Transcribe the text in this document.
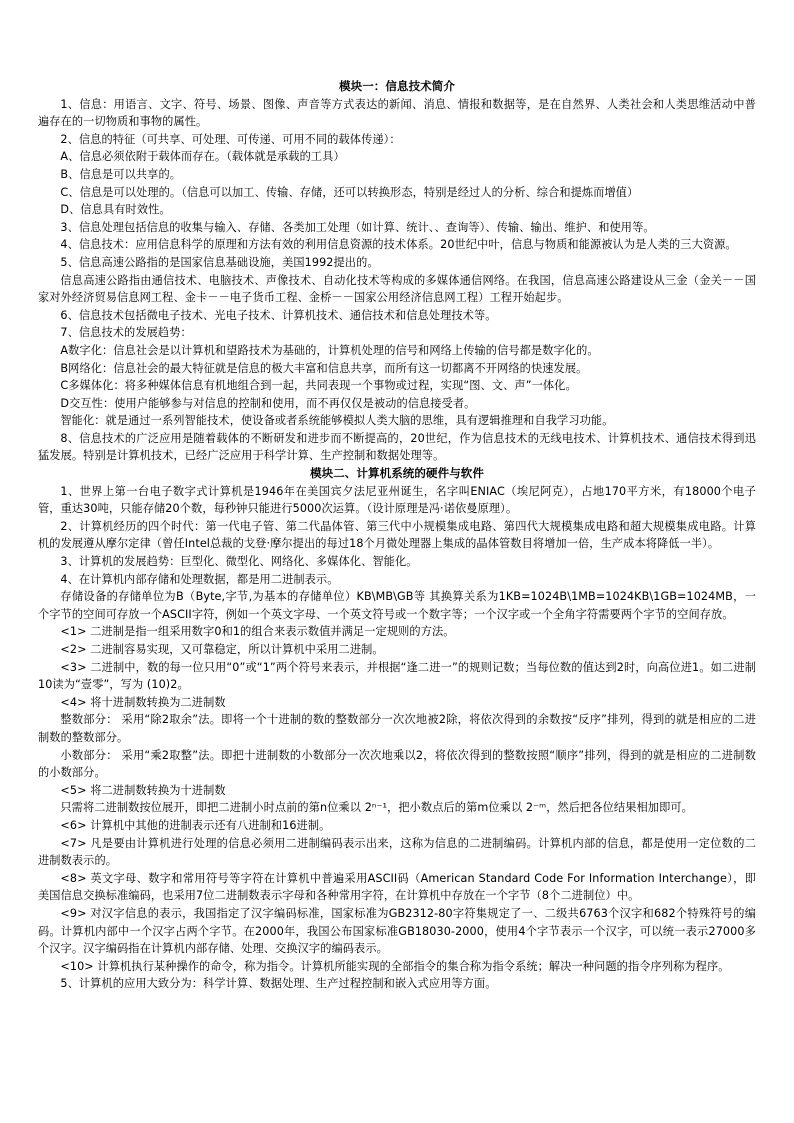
模块一：信息技术简介

1、信息：用语言、文字、符号、场景、图像、声音等方式表达的新闻、消息、情报和数据等，是在自然界、人类社会和人类思维活动中普遍存在的一切物质和事物的属性。

2、信息的特征（可共享、可处理、可传递、可用不同的载体传递）：

A、信息必须依附于载体而存在。（载体就是承载的工具）

B、信息是可以共享的。

C、信息是可以处理的。（信息可以加工、传输、存储，还可以转换形态，特别是经过人的分析、综合和提炼而增值）

D、信息具有时效性。

3、信息处理包括信息的收集与输入、存储、各类加工处理（如计算、统计、、查询等）、传输、输出、维护、和使用等。

4、信息技术：应用信息科学的原理和方法有效的利用信息资源的技术体系。20世纪中叶，信息与物质和能源被认为是人类的三大资源。

5、信息高速公路指的是国家信息基础设施，美国1992提出的。

信息高速公路指由通信技术、电脑技术、声像技术、自动化技术等构成的多媒体通信网络。在我国，信息高速公路建设从三金（金关－－国家对外经济贸易信息网工程、金卡－－电子货币工程、金桥－－国家公用经济信息网工程）工程开始起步。

6、信息技术包括微电子技术、光电子技术、计算机技术、通信技术和信息处理技术等。

7、信息技术的发展趋势：

A数字化：信息社会是以计算机和望路技术为基础的，计算机处理的信号和网络上传输的信号都是数字化的。

B网络化：信息社会的最大特征就是信息的极大丰富和信息共享，而所有这一切都离不开网络的快速发展。

C多媒体化：将多种媒体信息有机地组合到一起，共同表现一个事物或过程，实现“图、文、声”一体化。

D交互性：使用户能够参与对信息的控制和使用，而不再仅仅是被动的信息接受者。

智能化：就是通过一系列智能技术，使设备或者系统能够模拟人类大脑的思维，具有逻辑推理和自我学习功能。

8、信息技术的广泛应用是随着载体的不断研发和进步而不断提高的，20世纪，作为信息技术的无线电技术、计算机技术、通信技术得到迅猛发展。特别是计算机技术，已经广泛应用于科学计算、生产控制和数据处理等。

模块二、计算机系统的硬件与软件

1、世界上第一台电子数字式计算机是1946年在美国宾夕法尼亚州诞生，名字叫ENIAC（埃尼阿克），占地170平方米，有18000个电子管，重达30吨，只能存储20个数，每秒钟只能进行5000次运算。（设计原理是冯·诺依曼原理）。

2、计算机经历的四个时代：第一代电子管、第二代晶体管、第三代中小规模集成电路、第四代大规模集成电路和超大规模集成电路。计算机的发展遵从摩尔定律（曾任Intel总裁的戈登·摩尔提出的每过18个月微处理器上集成的晶体管数目将增加一倍，生产成本将降低一半）。

3、计算机的发展趋势：巨型化、微型化、网络化、多媒体化、智能化。

4、在计算机内部存储和处理数据，都是用二进制表示。

存储设备的存储单位为B（Byte,字节,为基本的存储单位）KB\MB\GB等 其换算关系为1KB=1024B\1MB=1024KB\1GB=1024MB，一个字节的空间可存放一个ASCII字符，例如一个英文字母、一个英文符号或一个数字等；一个汉字或一个全角字符需要两个字节的空间存放。

<1> 二进制是指一组采用数字0和1的组合来表示数值并满足一定规则的方法。

<2> 二进制容易实现，又可靠稳定，所以计算机中采用二进制。

<3> 二进制中，数的每一位只用“0”或“1”两个符号来表示，并根据“逢二进一”的规则记数；当每位数的值达到2时，向高位进1。如二进制10读为“壹零”，写为 (10)2。

<4> 将十进制数转换为二进制数

整数部分： 采用“除2取余”法。即将一个十进制的数的整数部分一次次地被2除，将依次得到的余数按“反序”排列，得到的就是相应的二进制数的整数部分。

小数部分： 采用“乘2取整”法。即把十进制数的小数部分一次次地乘以2，将依次得到的整数按照“顺序”排列，得到的就是相应的二进制数的小数部分。

<5> 将二进制数转换为十进制数

只需将二进制数按位展开，即把二进制小时点前的第n位乘以 2ⁿ⁻¹，把小数点后的第m位乘以 2⁻ᵐ，然后把各位结果相加即可。

<6> 计算机中其他的进制表示还有八进制和16进制。

<7> 凡是要由计算机进行处理的信息必须用二进制编码表示出来，这称为信息的二进制编码。计算机内部的信息，都是使用一定位数的二进制数表示的。

<8> 英文字母、数字和常用符号等字符在计算机中普遍采用ASCII码（American Standard Code For Information Interchange），即美国信息交换标准编码，也采用7位二进制数表示字母和各种常用字符，在计算机中存放在一个字节（8个二进制位）中。

<9> 对汉字信息的表示，我国指定了汉字编码标准，国家标准为GB2312-80字符集规定了一、二级共6763个汉字和682个特殊符号的编码。计算机内部中一个汉字占两个字节。在2000年，我国公布国家标准GB18030-2000，使用4个字节表示一个汉字，可以统一表示27000多个汉字。汉字编码指在计算机内部存储、处理、交换汉字的编码表示。

<10> 计算机执行某种操作的命令，称为指令。计算机所能实现的全部指令的集合称为指令系统；解决一种问题的指令序列称为程序。

5、计算机的应用大致分为：科学计算、数据处理、生产过程控制和嵌入式应用等方面。
